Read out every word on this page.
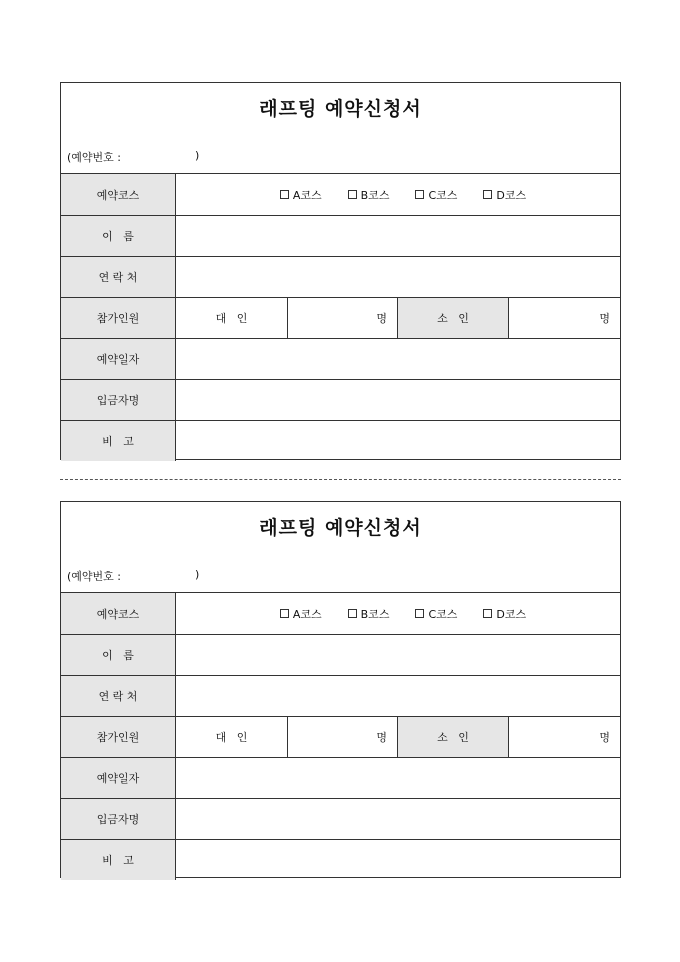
래프팅 예약신청서
(예약번호 :	)
예약코스	A코스	B코스	C코스	D코스
이   름
연 락 처
참가인원	대   인	명	소   인	명
예약일자
입금자명
비   고
래프팅 예약신청서
(예약번호 :	)
예약코스	A코스	B코스	C코스	D코스
이   름
연 락 처
참가인원	대   인	명	소   인	명
예약일자
입금자명
비   고
